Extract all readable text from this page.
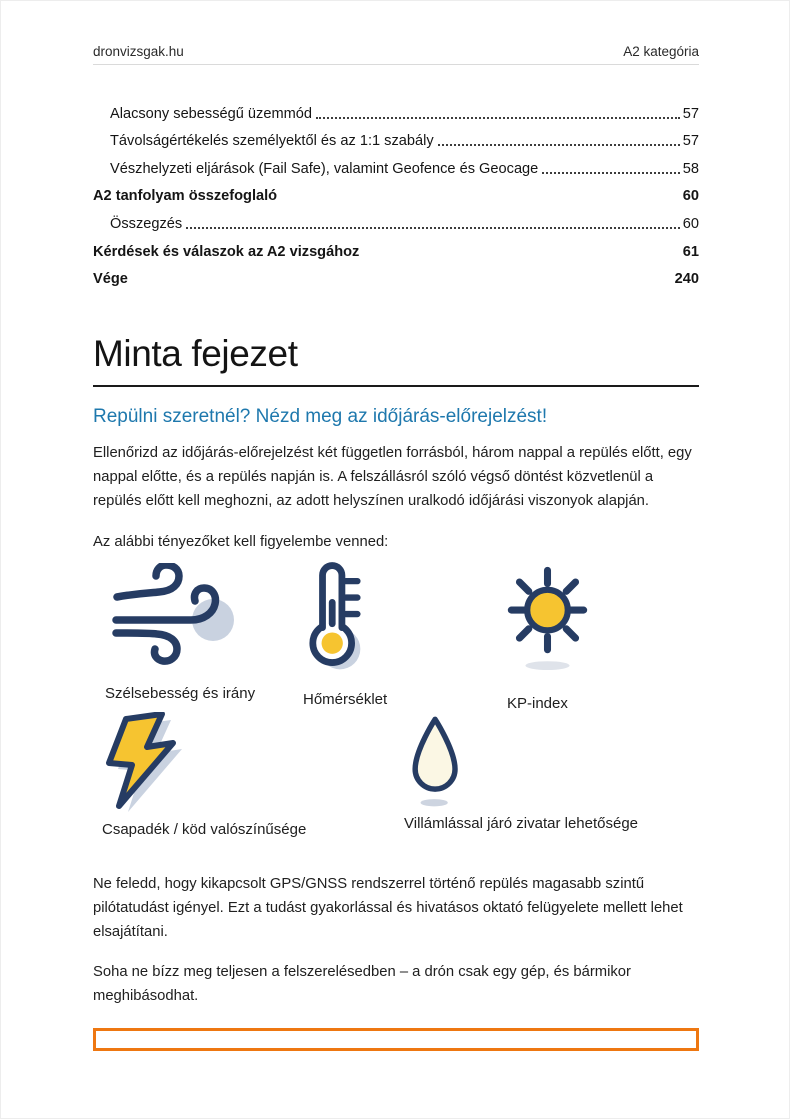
dronvizsgak.hu	A2 kategória
Alacsony sebességű üzemmód	57
Távolságértékelés személyektől és az 1:1 szabály	57
Vészhelyzeti eljárások (Fail Safe), valamint Geofence és Geocage	58
A2 tanfolyam összefoglaló	60
Összegzés	60
Kérdések és válaszok az A2 vizsgához	61
Vége	240
Minta fejezet
Repülni szeretnél? Nézd meg az időjárás-előrejelzést!
Ellenőrizd az időjárás-előrejelzést két független forrásból, három nappal a repülés előtt, egy nappal előtte, és a repülés napján is. A felszállásról szóló végső döntést közvetlenül a repülés előtt kell meghozni, az adott helyszínen uralkodó időjárási viszonyok alapján.
Az alábbi tényezőket kell figyelembe venned:
Szélsebesség és irány	Hőmérséklet	KP-index
Csapadék / köd valószínűsége	Villámlással járó zivatar lehetősége
Ne feledd, hogy kikapcsolt GPS/GNSS rendszerrel történő repülés magasabb szintű pilótatudást igényel. Ezt a tudást gyakorlással és hivatásos oktató felügyelete mellett lehet elsajátítani.
Soha ne bízz meg teljesen a felszerelésedben – a drón csak egy gép, és bármikor meghibásodhat.
